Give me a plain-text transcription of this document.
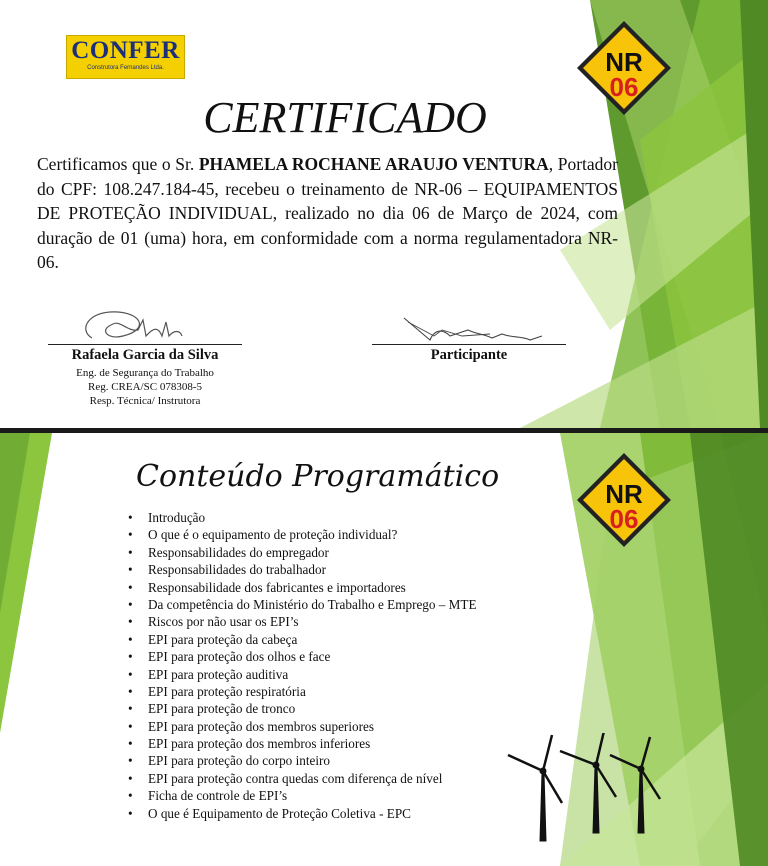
CONFER
Construtora Fernandes Ltda.	NR
06
CERTIFICADO
Certificamos que o Sr. PHAMELA ROCHANE ARAUJO VENTURA, Portador do CPF: 108.247.184-45, recebeu o treinamento de NR-06 – EQUIPAMENTOS DE PROTEÇÃO INDIVIDUAL, realizado no dia 06 de Março de 2024, com duração de 01 (uma) hora, em conformidade com a norma regulamentadora NR-06.
Rafaela Garcia da Silva
Eng. de Segurança do Trabalho
Reg. CREA/SC 078308-5
Resp. Técnica/ Instrutora
Participante
Conteúdo Programático	NR
06
• Introdução
• O que é o equipamento de proteção individual?
• Responsabilidades do empregador
• Responsabilidades do trabalhador
• Responsabilidade dos fabricantes e importadores
• Da competência do Ministério do Trabalho e Emprego – MTE
• Riscos por não usar os EPI’s
• EPI para proteção da cabeça
• EPI para proteção dos olhos e face
• EPI para proteção auditiva
• EPI para proteção respiratória
• EPI para proteção de tronco
• EPI para proteção dos membros superiores
• EPI para proteção dos membros inferiores
• EPI para proteção do corpo inteiro
• EPI para proteção contra quedas com diferença de nível
• Ficha de controle de EPI’s
• O que é Equipamento de Proteção Coletiva - EPC
